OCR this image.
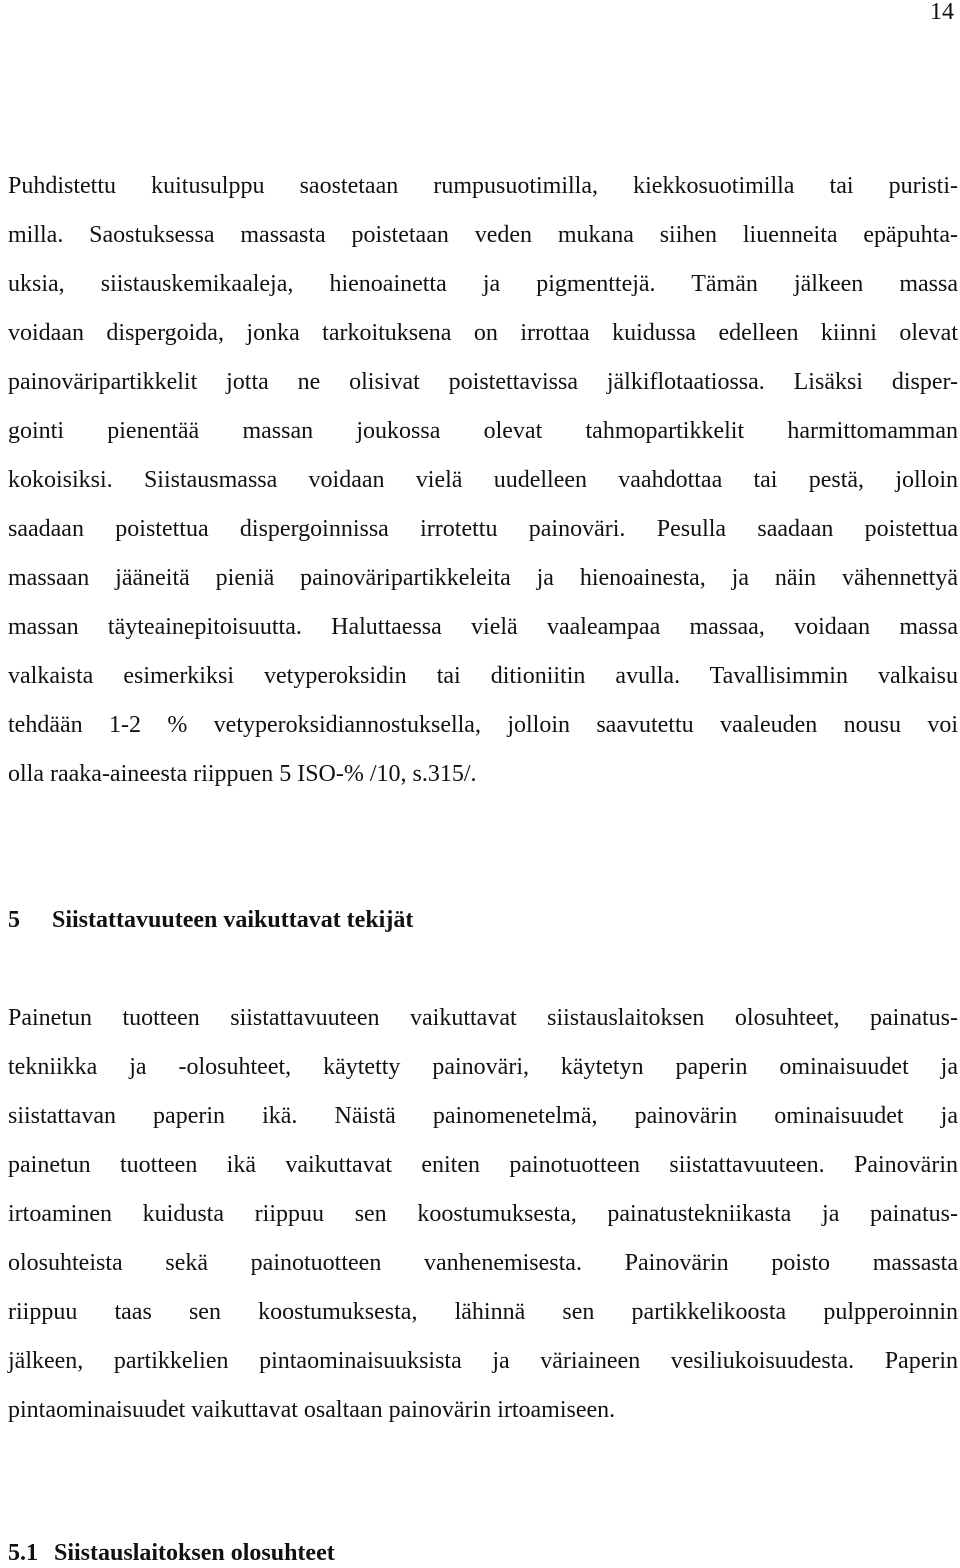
14
Puhdistettu kuitusulppu saostetaan rumpusuotimilla, kiekkosuotimilla tai puristi-
milla. Saostuksessa massasta poistetaan veden mukana siihen liuenneita epäpuhta-
uksia, siistauskemikaaleja, hienoainetta ja pigmenttejä. Tämän jälkeen massa
voidaan dispergoida, jonka tarkoituksena on irrottaa kuidussa edelleen kiinni olevat
painoväripartikkelit jotta ne olisivat poistettavissa jälkiflotaatiossa. Lisäksi disper-
gointi pienentää massan joukossa olevat tahmopartikkelit harmittomamman
kokoisiksi. Siistausmassa voidaan vielä uudelleen vaahdottaa tai pestä, jolloin
saadaan poistettua dispergoinnissa irrotettu painoväri. Pesulla saadaan poistettua
massaan jääneitä pieniä painoväripartikkeleita ja hienoainesta, ja näin vähennettyä
massan täyteainepitoisuutta. Haluttaessa vielä vaaleampaa massaa, voidaan massa
valkaista esimerkiksi vetyperoksidin tai ditioniitin avulla. Tavallisimmin valkaisu
tehdään 1-2 % vetyperoksidiannostuksella, jolloin saavutettu vaaleuden nousu voi
olla raaka-aineesta riippuen 5 ISO-% /10, s.315/.
5 Siistattavuuteen vaikuttavat tekijät
Painetun tuotteen siistattavuuteen vaikuttavat siistauslaitoksen olosuhteet, painatus-
tekniikka ja -olosuhteet, käytetty painoväri, käytetyn paperin ominaisuudet ja
siistattavan paperin ikä. Näistä painomenetelmä, painovärin ominaisuudet ja
painetun tuotteen ikä vaikuttavat eniten painotuotteen siistattavuuteen. Painovärin
irtoaminen kuidusta riippuu sen koostumuksesta, painatustekniikasta ja painatus-
olosuhteista sekä painotuotteen vanhenemisesta. Painovärin poisto massasta
riippuu taas sen koostumuksesta, lähinnä sen partikkelikoosta pulpperoinnin
jälkeen, partikkelien pintaominaisuuksista ja väriaineen vesiliukoisuudesta. Paperin
pintaominaisuudet vaikuttavat osaltaan painovärin irtoamiseen.
5.1 Siistauslaitoksen olosuhteet
